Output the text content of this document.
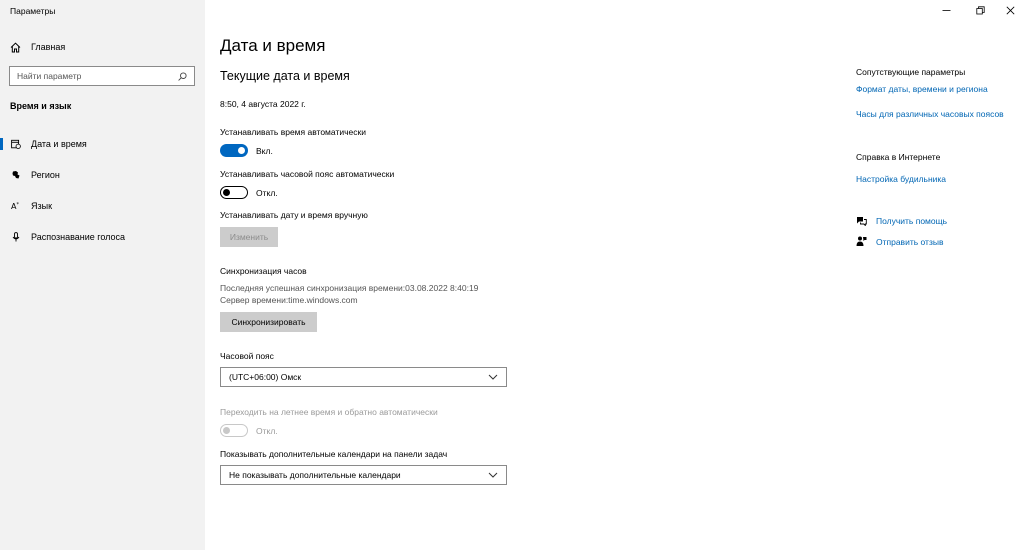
Параметры
Главная
Найти параметр
Время и язык
Дата и время
Регион
A * Язык
Распознавание голоса
Дата и время
Текущие дата и время
8:50, 4 августа 2022 г.
Устанавливать время автоматически
Вкл.
Устанавливать часовой пояс автоматически
Откл.
Устанавливать дату и время вручную
Изменить
Синхронизация часов
Последняя успешная синхронизация времени:03.08.2022 8:40:19
Сервер времени:time.windows.com
Синхронизировать
Часовой пояс
(UTC+06:00) Омск
Переходить на летнее время и обратно автоматически
Откл.
Показывать дополнительные календари на панели задач
Не показывать дополнительные календари
Сопутствующие параметры
Формат даты, времени и региона
Часы для различных часовых поясов
Справка в Интернете
Настройка будильника
Получить помощь
Отправить отзыв
